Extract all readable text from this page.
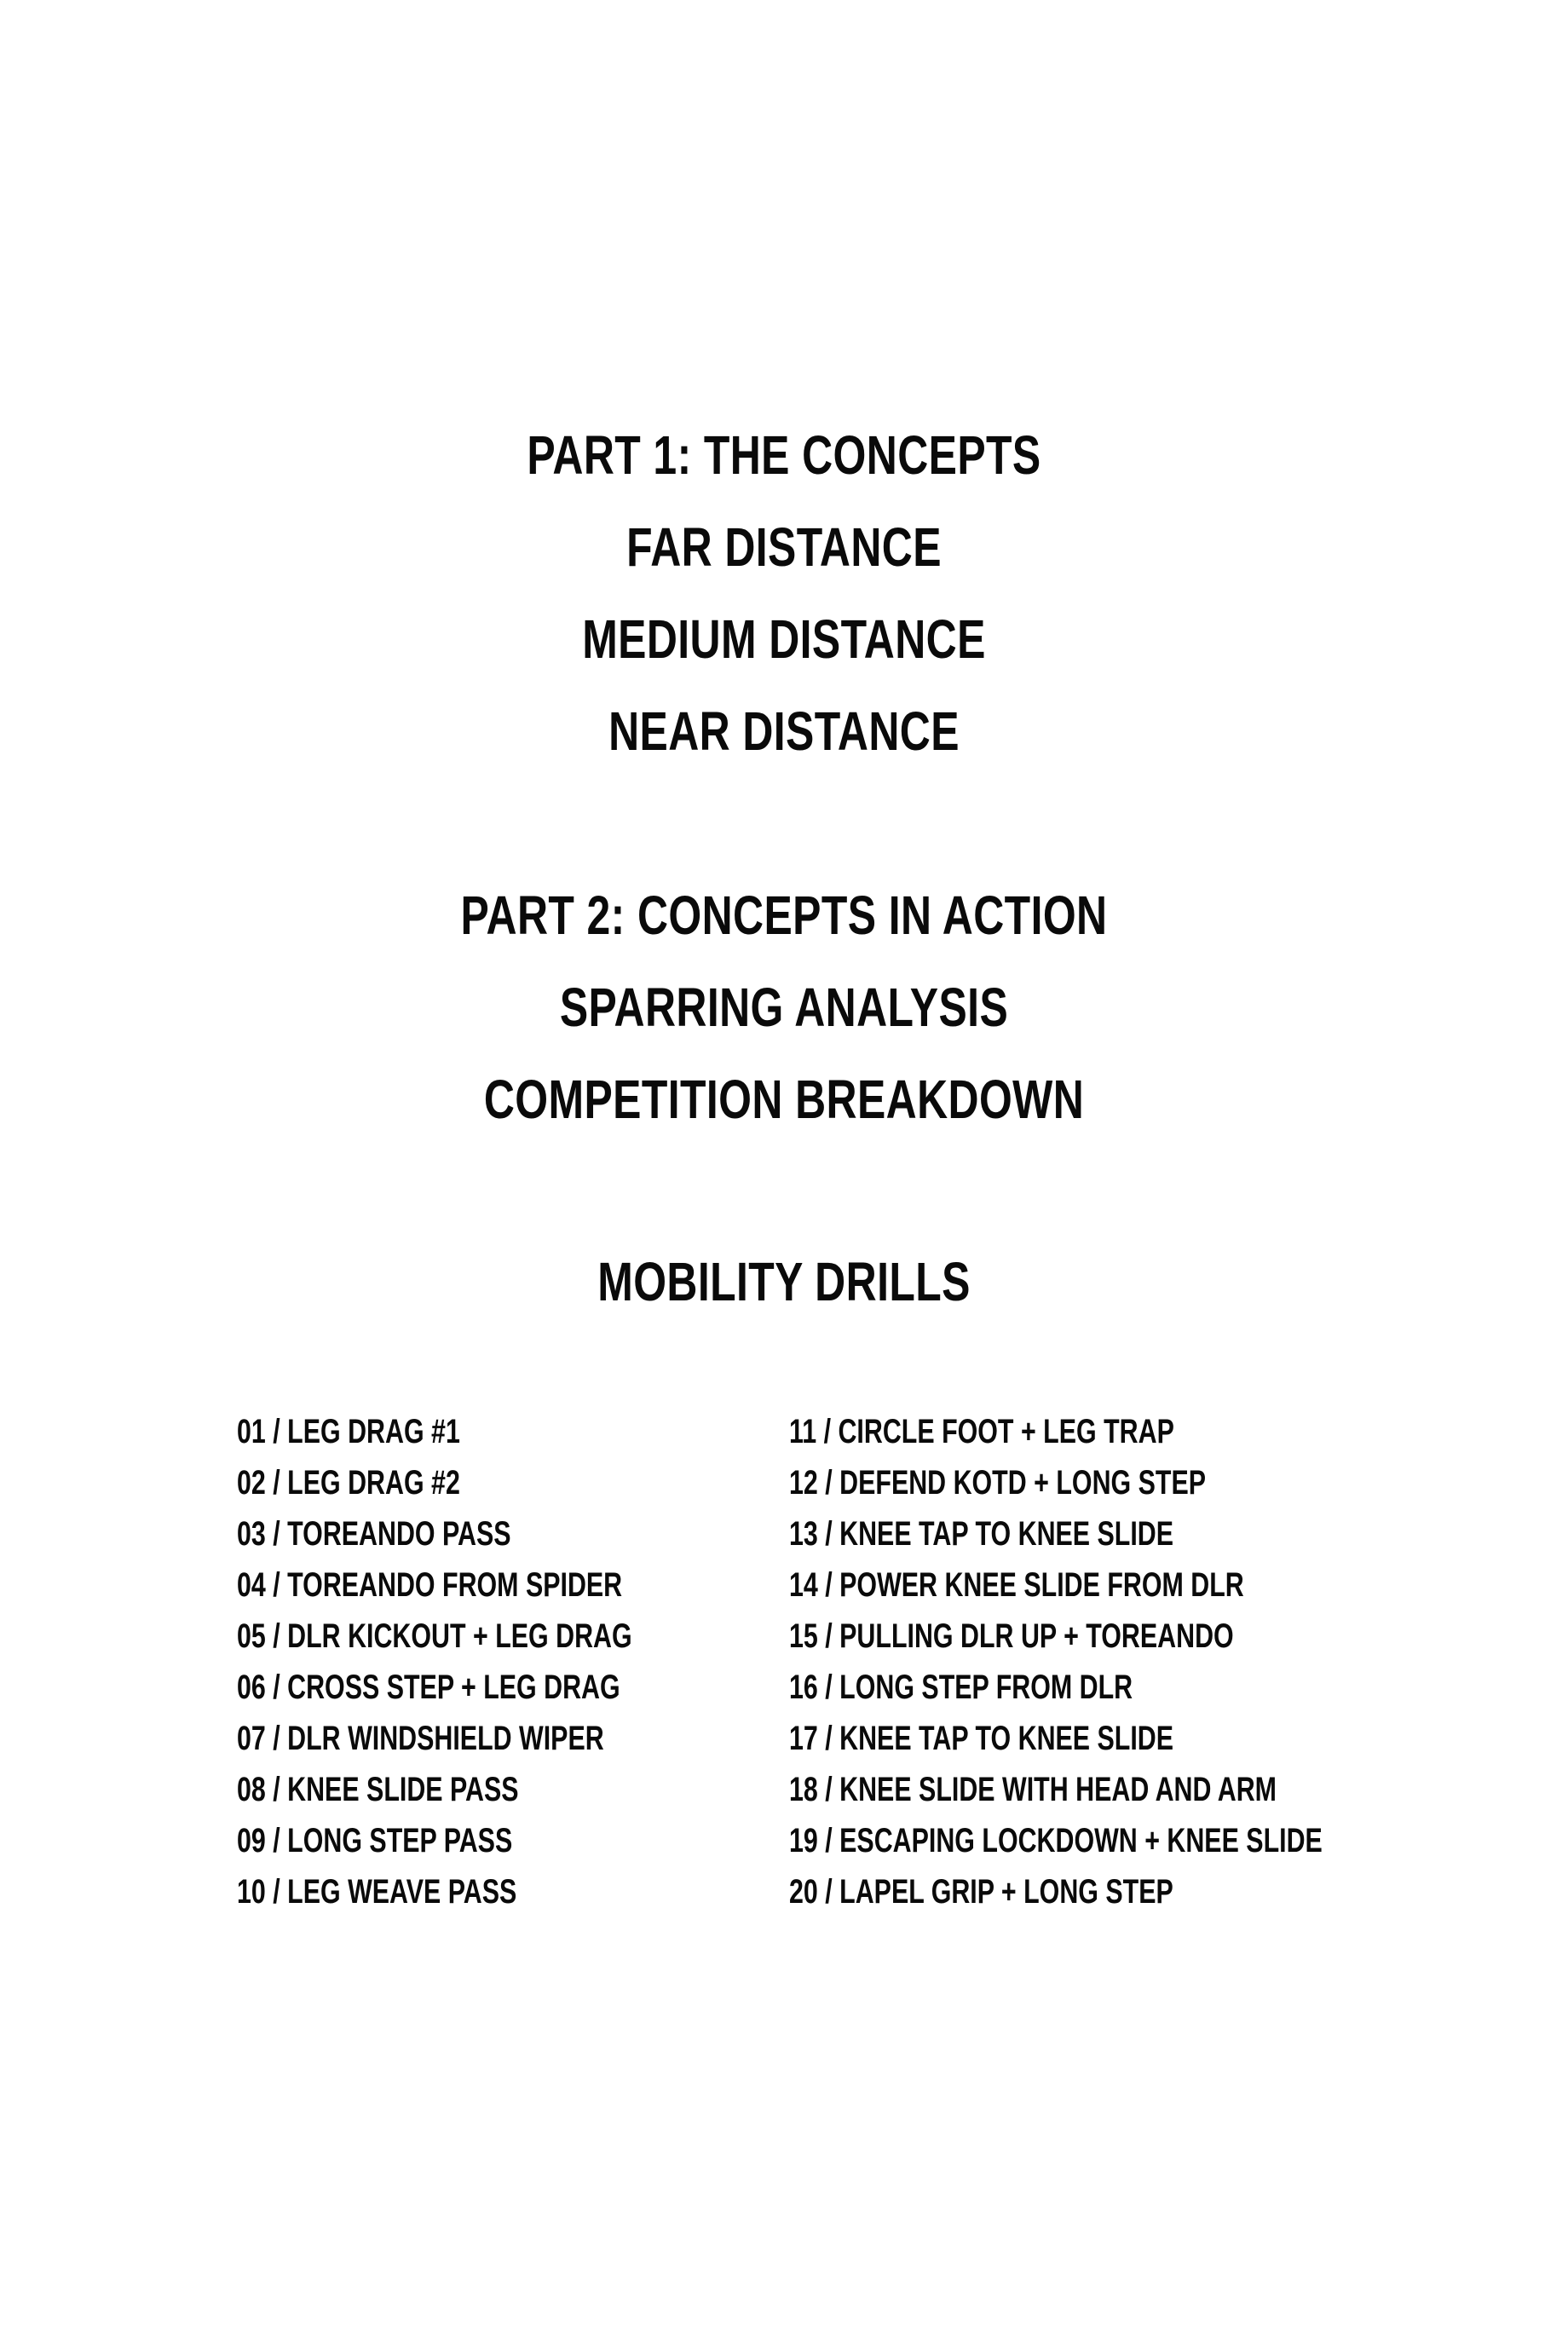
PART 1: THE CONCEPTS
FAR DISTANCE
MEDIUM DISTANCE
NEAR DISTANCE
PART 2: CONCEPTS IN ACTION
SPARRING ANALYSIS
COMPETITION BREAKDOWN
MOBILITY DRILLS
01 / LEG DRAG #1
02 / LEG DRAG #2
03 / TOREANDO PASS
04 / TOREANDO FROM SPIDER
05 / DLR KICKOUT + LEG DRAG
06 / CROSS STEP + LEG DRAG
07 / DLR WINDSHIELD WIPER
08 / KNEE SLIDE PASS
09 / LONG STEP PASS
10 / LEG WEAVE PASS
11 / CIRCLE FOOT + LEG TRAP
12 / DEFEND KOTD + LONG STEP
13 / KNEE TAP TO KNEE SLIDE
14 / POWER KNEE SLIDE FROM DLR
15 / PULLING DLR UP + TOREANDO
16 / LONG STEP FROM DLR
17 / KNEE TAP TO KNEE SLIDE
18 / KNEE SLIDE WITH HEAD AND ARM
19 / ESCAPING LOCKDOWN + KNEE SLIDE
20 / LAPEL GRIP + LONG STEP
